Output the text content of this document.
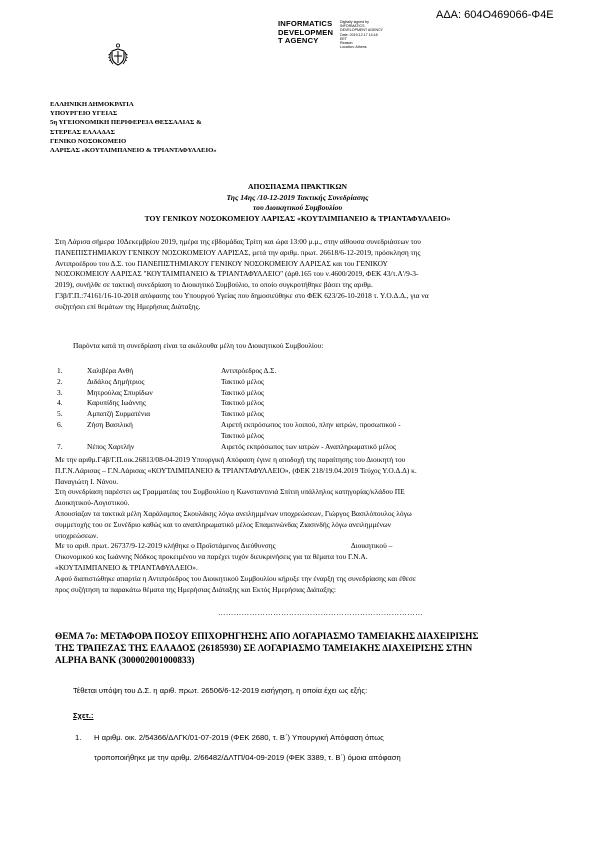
ΑΔΑ: 604Ο469066-Φ4Ε
INFORMATICS
DEVELOPMEN
T AGENCY
Digitally signed by
INFORMATICS
DEVELOPMENT AGENCY
Date: 2019.12.17 14:18
EET
Reason:
Location: Athens
ΕΛΛΗΝΙΚΗ ΔΗΜΟΚΡΑΤΙΑ
ΥΠΟΥΡΓΕΙΟ ΥΓΕΙΑΣ
5η ΥΓΕΙΟΝΟΜΙΚΗ ΠΕΡΙΦΕΡΕΙΑ ΘΕΣΣΑΛΙΑΣ &
ΣΤΕΡΕΑΣ ΕΛΛΑΔΑΣ
ΓΕΝΙΚΟ ΝΟΣΟΚΟΜΕΙΟ
ΛΑΡΙΣΑΣ «ΚΟΥΤΛΙΜΠΑΝΕΙΟ & ΤΡΙΑΝΤΑΦΥΛΛΕΙΟ»
ΑΠΟΣΠΑΣΜΑ ΠΡΑΚΤΙΚΩΝ
Της 14ης /10-12-2019 Τακτικής Συνεδρίασης
του Διοικητικού Συμβουλίου
ΤΟΥ ΓΕΝΙΚΟΥ ΝΟΣΟΚΟΜΕΙΟΥ ΛΑΡΙΣΑΣ «ΚΟΥΤΛΙΜΠΑΝΕΙΟ & ΤΡΙΑΝΤΑΦΥΛΛΕΙΟ»
Στη Λάρισα σήμερα 10Δεκεμβρίου 2019, ημέρα της εβδομάδας Τρίτη και ώρα 13:00 μ.μ., στην αίθουσα συνεδριάσεων του
ΠΑΝΕΠΙΣΤΗΜΙΑΚΟΥ ΓΕΝΙΚΟΥ ΝΟΣΟΚΟΜΕΙΟΥ ΛΑΡΙΣΑΣ, μετά την αριθμ. πρωτ. 26618/6-12-2019, πρόσκληση της
Αντιπροέδρου του Δ.Σ. του ΠΑΝΕΠΙΣΤΗΜΙΑΚΟΥ ΓΕΝΙΚΟΥ ΝΟΣΟΚΟΜΕΙΟΥ ΛΑΡΙΣΑΣ και του ΓΕΝΙΚΟΥ
ΝΟΣΟΚΟΜΕΙΟΥ ΛΑΡΙΣΑΣ "ΚΟΥΤΛΙΜΠΑΝΕΙΟ & ΤΡΙΑΝΤΑΦΥΛΛΕΙΟ" (άρθ.165 του ν.4600/2019, ΦΕΚ 43/τ.Α'/9-3-
2019), συνήλθε σε τακτική συνεδρίαση το Διοικητικό Συμβούλιο, το οποίο συγκροτήθηκε βάσει της αριθμ.
Γ3β/Γ.Π.:74161/16-10-2018 απόφασης του Υπουργού Υγείας που δημοσιεύθηκε στο ΦΕΚ 623/26-10-2018 τ. Υ.Ο.Δ.Δ., για να
συζητήσει επί θεμάτων της Ημερήσιας Διάταξης.
Παρόντα κατά τη συνεδρίαση είναι τα ακόλουθα μέλη του Διοικητικού Συμβουλίου:
1.	Χαλιβέρα Ανθή	Αντιπρόεδρος Δ.Σ.
2.	Διδάλος Δημήτριος	Τακτικό μέλος
3.	Μητρούλας Σπυρίδων	Τακτικό μέλος
4.	Καρυπίδης Ιωάννης	Τακτικό μέλος
5.	Αμπατζή Συρματένια	Τακτικό μέλος
6.	Ζήση Βασιλική	Αιρετή εκπρόσωπος του λοιπού, πλην ιατρών, προσωπικού -
Τακτικό μέλος
7.	Νέπος Χαρτλήν	Αιρετός εκπρόσωπος των ιατρών - Αναπληρωματικό μέλος
Με την αριθμ.Γ4β/Γ.Π.οικ.26813/08-04-2019 Υπουργική Απόφαση έγινε η αποδοχή της παραίτησης του Διοικητή του
Π.Γ.Ν.Λάρισας – Γ.Ν.Λάρισας «ΚΟΥΤΛΙΜΠΑΝΕΙΟ & ΤΡΙΑΝΤΑΦΥΛΛΕΙΟ», (ΦΕΚ 218/19.04.2019 Τεύχος Υ.Ο.Δ.Δ) κ.
Παναγιώτη Ι. Νάνου.
Στη συνεδρίαση παρέστει ως Γραμματέας του Συμβουλίου η Κωνσταντινιά Σπίτιη υπάλληλος κατηγορίας/κλάδου ΠΕ
Διοικητικού-Λογιστικού.
Απουσίαζαν τα τακτικά μέλη Χαράλαμπος Σκουλάκης λόγω ανειλημμένων υποχρεώσεων, Γιώργος Βασιλόπουλος λόγω
συμμετοχής του σε Συνέδριο καθώς και το αναπληρωματικό μέλος Επαμεινώνδας Ζιασινδής λόγω ανειλημμένων
υποχρεώσεων.
Με το αριθ. πρωτ. 26737/9-12-2019 κλήθηκε ο Προϊστάμενος Διεύθυνσης                                         Διοικητικού –
Οικονομικού κος Ιωάννης Νόδκος προκειμένου να παρέχει τυχόν διευκρινήσεις για τα θέματα του Γ.Ν.Α.
«ΚΟΥΤΛΙΜΠΑΝΕΙΟ & ΤΡΙΑΝΤΑΦΥΛΛΕΙΟ».
Αφού διαπιστώθηκε απαρτία η Αντιπρόεδρος του Διοικητικού Συμβουλίου κήρυξε την έναρξη της συνεδρίασης και έθεσε
προς συζήτηση τα παρακάτω θέματα της Ημερήσιας Διάταξης και Εκτός Ημερήσιας Διάταξης:
……………………………………………………………………
ΘΕΜΑ 7ο: ΜΕΤΑΦΟΡΑ ΠΟΣΟΥ ΕΠΙΧΟΡΗΓΗΣΗΣ ΑΠΟ ΛΟΓΑΡΙΑΣΜΟ ΤΑΜΕΙΑΚΗΣ ΔΙΑΧΕΙΡΙΣΗΣ
ΤΗΣ ΤΡΑΠΕΖΑΣ ΤΗΣ ΕΛΛΑΔΟΣ (26185930) ΣΕ ΛΟΓΑΡΙΑΣΜΟ ΤΑΜΕΙΑΚΗΣ ΔΙΑΧΕΙΡΙΣΗΣ ΣΤΗΝ
ALPHA BANK (300002001000833)
Τέθεται υπόψη του Δ.Σ. η αριθ. πρωτ. 26506/6-12-2019 εισήγηση, η οποία έχει ως εξής:
Σχετ.:
1. Η αριθμ. οικ. 2/54366/ΔΛΓΚ/01-07-2019 (ΦΕΚ 2680, τ. Β΄) Υπουργική Απόφαση όπως
τροποποιήθηκε με την αριθμ. 2/66482/ΔΛΤΠ/04-09-2019 (ΦΕΚ 3389, τ. Β΄) όμοια απόφαση
